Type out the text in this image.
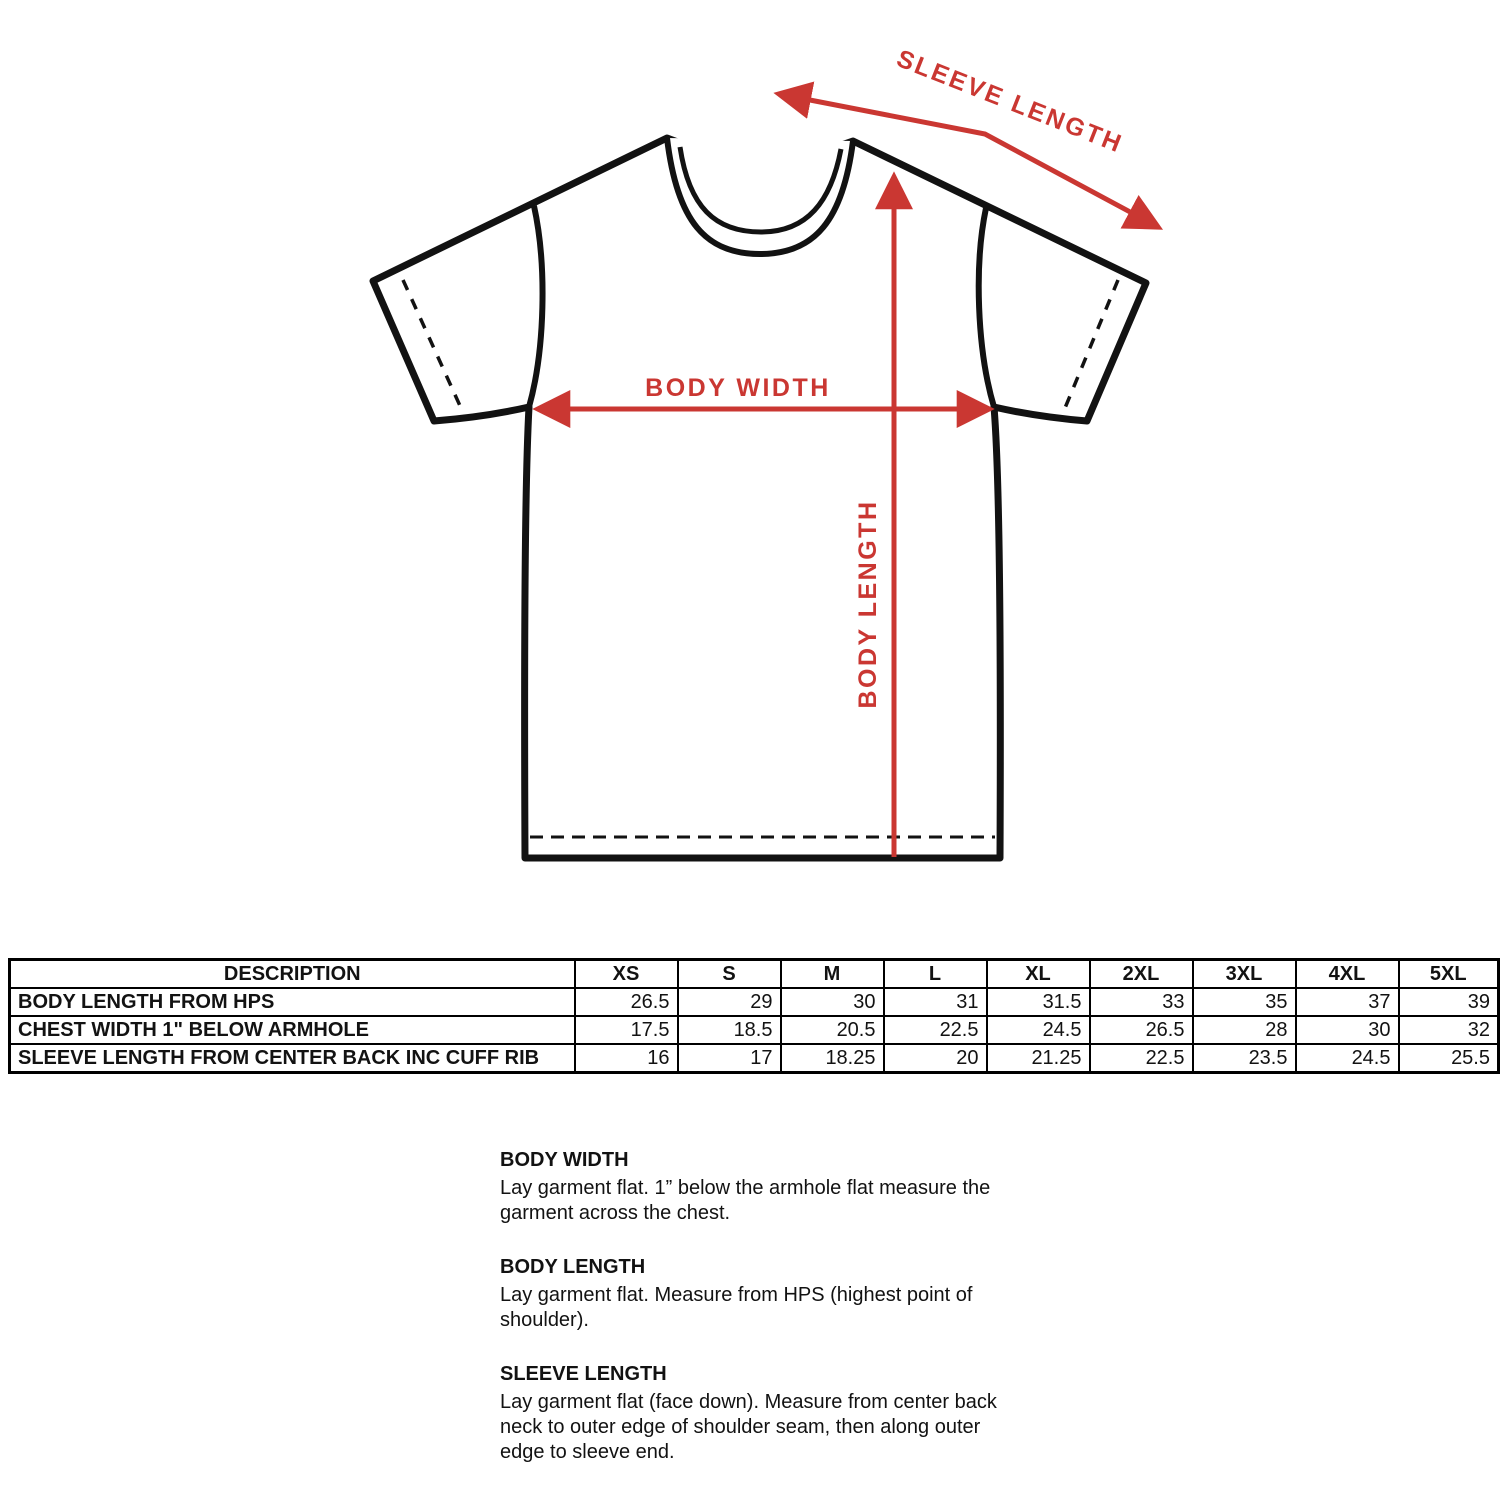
SLEEVE LENGTH
BODY WIDTH
BODY LENGTH
DESCRIPTION	XS	S	M	L	XL	2XL	3XL	4XL	5XL
BODY LENGTH FROM HPS	26.5	29	30	31	31.5	33	35	37	39
CHEST WIDTH 1" BELOW ARMHOLE	17.5	18.5	20.5	22.5	24.5	26.5	28	30	32
SLEEVE LENGTH FROM CENTER BACK INC CUFF RIB	16	17	18.25	20	21.25	22.5	23.5	24.5	25.5
BODY WIDTH

Lay garment flat. 1” below the armhole flat measure the garment across the chest.

BODY LENGTH

Lay garment flat. Measure from HPS (highest point of shoulder).

SLEEVE LENGTH

Lay garment flat (face down). Measure from center back neck to outer edge of shoulder seam, then along outer edge to sleeve end.
